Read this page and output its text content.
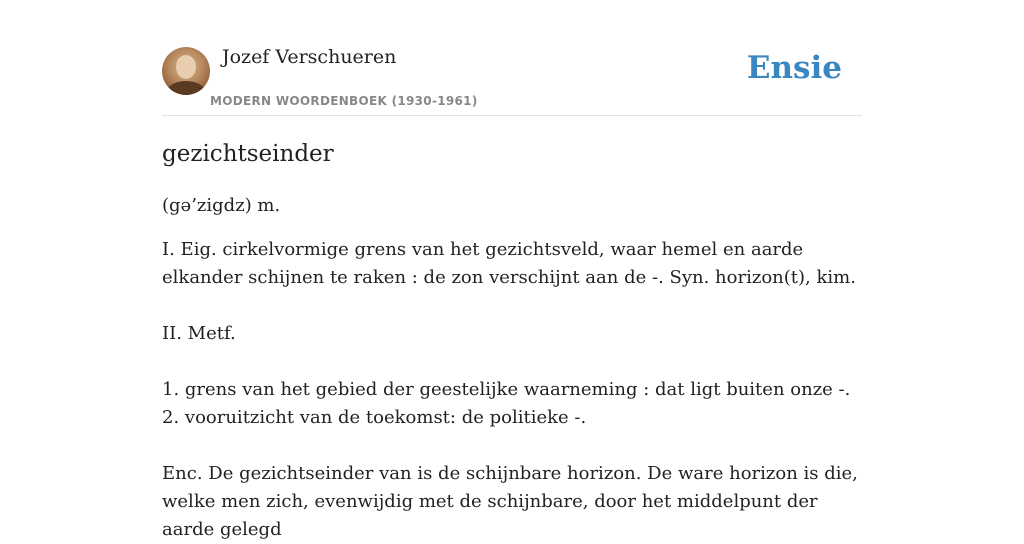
Jozef Verschueren
MODERN WOORDENBOEK (1930-1961)
Ensie
gezichtseinder
(gə’zigdz) m.

I. Eig. cirkelvormige grens van het gezichtsveld, waar hemel en aarde elkander schijnen te raken : de zon verschijnt aan de -. Syn. horizon(t), kim.

II. Metf.

1. grens van het gebied der geestelijke waarneming : dat ligt buiten onze -.

2. vooruitzicht van de toekomst: de politieke -.

Enc. De gezichtseinder van is de schijnbare horizon. De ware horizon is die, welke men zich, evenwijdig met de schijnbare, door het middelpunt der aarde gelegd
